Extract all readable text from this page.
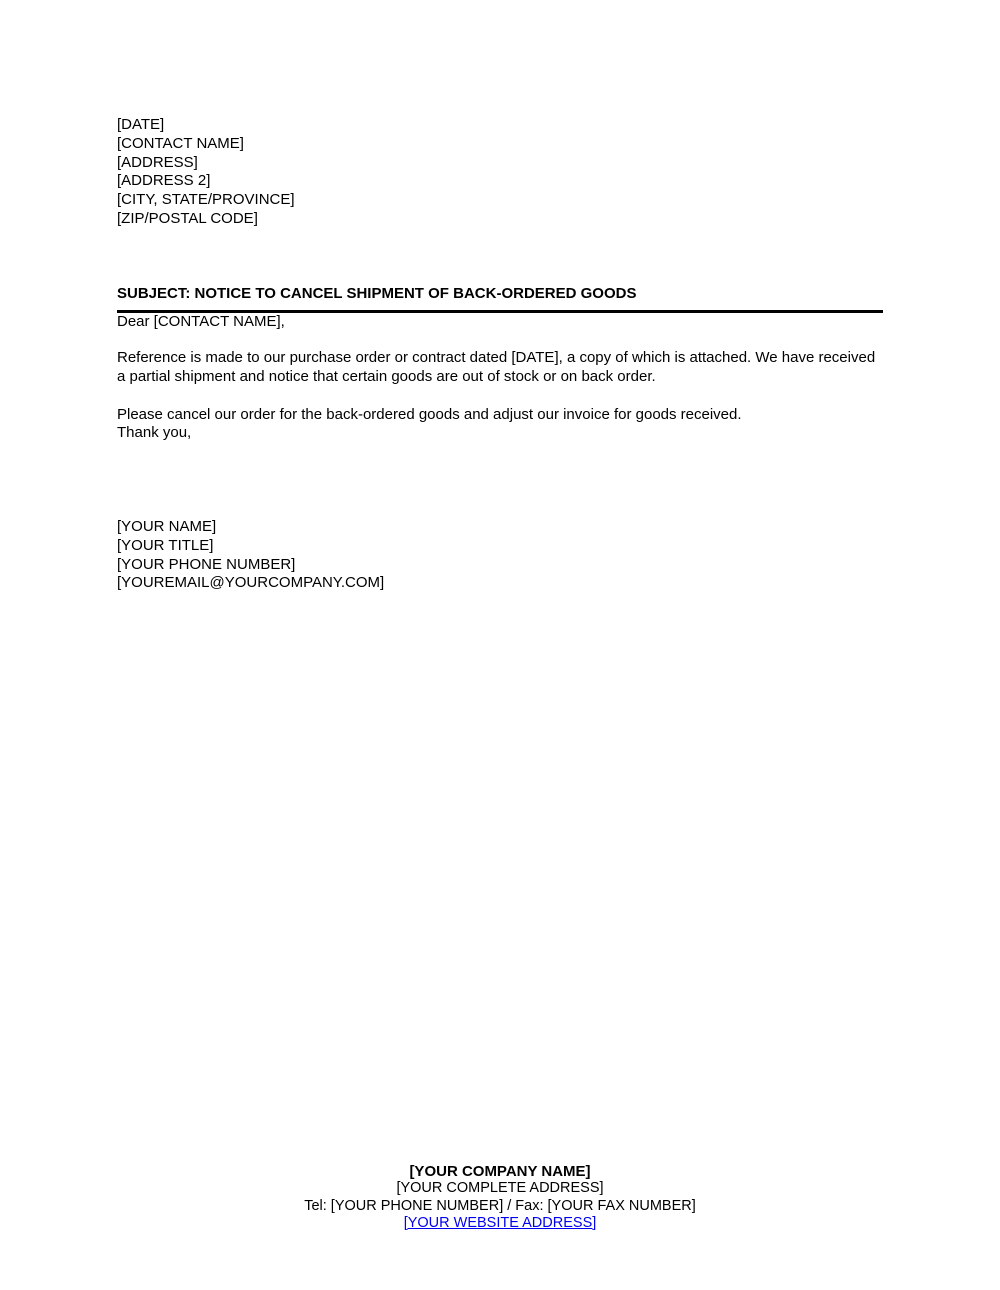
[DATE]
[CONTACT NAME]
[ADDRESS]
[ADDRESS 2]
[CITY, STATE/PROVINCE]
[ZIP/POSTAL CODE]
SUBJECT: NOTICE TO CANCEL SHIPMENT OF BACK-ORDERED GOODS
Dear [CONTACT NAME],

Reference is made to our purchase order or contract dated [DATE], a copy of which is attached. We have received a partial shipment and notice that certain goods are out of stock or on back order.

Please cancel our order for the back-ordered goods and adjust our invoice for goods received.

Thank you,
[YOUR NAME]
[YOUR TITLE]
[YOUR PHONE NUMBER]
[YOUREMAIL@YOURCOMPANY.COM]
[YOUR COMPANY NAME]
[YOUR COMPLETE ADDRESS]
Tel: [YOUR PHONE NUMBER] / Fax: [YOUR FAX NUMBER]
[YOUR WEBSITE ADDRESS]
